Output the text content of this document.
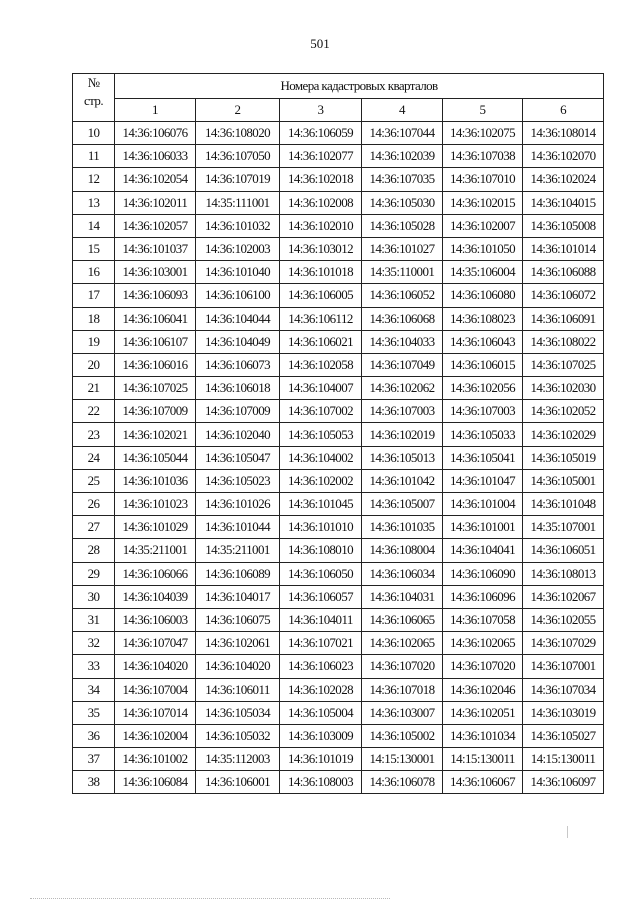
501
№
стр.	Номера кадастровых кварталов					
	1	2	3	4	5	6
10	14:36:106076	14:36:108020	14:36:106059	14:36:107044	14:36:102075	14:36:108014
11	14:36:106033	14:36:107050	14:36:102077	14:36:102039	14:36:107038	14:36:102070
12	14:36:102054	14:36:107019	14:36:102018	14:36:107035	14:36:107010	14:36:102024
13	14:36:102011	14:35:111001	14:36:102008	14:36:105030	14:36:102015	14:36:104015
14	14:36:102057	14:36:101032	14:36:102010	14:36:105028	14:36:102007	14:36:105008
15	14:36:101037	14:36:102003	14:36:103012	14:36:101027	14:36:101050	14:36:101014
16	14:36:103001	14:36:101040	14:36:101018	14:35:110001	14:35:106004	14:36:106088
17	14:36:106093	14:36:106100	14:36:106005	14:36:106052	14:36:106080	14:36:106072
18	14:36:106041	14:36:104044	14:36:106112	14:36:106068	14:36:108023	14:36:106091
19	14:36:106107	14:36:104049	14:36:106021	14:36:104033	14:36:106043	14:36:108022
20	14:36:106016	14:36:106073	14:36:102058	14:36:107049	14:36:106015	14:36:107025
21	14:36:107025	14:36:106018	14:36:104007	14:36:102062	14:36:102056	14:36:102030
22	14:36:107009	14:36:107009	14:36:107002	14:36:107003	14:36:107003	14:36:102052
23	14:36:102021	14:36:102040	14:36:105053	14:36:102019	14:36:105033	14:36:102029
24	14:36:105044	14:36:105047	14:36:104002	14:36:105013	14:36:105041	14:36:105019
25	14:36:101036	14:36:105023	14:36:102002	14:36:101042	14:36:101047	14:36:105001
26	14:36:101023	14:36:101026	14:36:101045	14:36:105007	14:36:101004	14:36:101048
27	14:36:101029	14:36:101044	14:36:101010	14:36:101035	14:36:101001	14:35:107001
28	14:35:211001	14:35:211001	14:36:108010	14:36:108004	14:36:104041	14:36:106051
29	14:36:106066	14:36:106089	14:36:106050	14:36:106034	14:36:106090	14:36:108013
30	14:36:104039	14:36:104017	14:36:106057	14:36:104031	14:36:106096	14:36:102067
31	14:36:106003	14:36:106075	14:36:104011	14:36:106065	14:36:107058	14:36:102055
32	14:36:107047	14:36:102061	14:36:107021	14:36:102065	14:36:102065	14:36:107029
33	14:36:104020	14:36:104020	14:36:106023	14:36:107020	14:36:107020	14:36:107001
34	14:36:107004	14:36:106011	14:36:102028	14:36:107018	14:36:102046	14:36:107034
35	14:36:107014	14:36:105034	14:36:105004	14:36:103007	14:36:102051	14:36:103019
36	14:36:102004	14:36:105032	14:36:103009	14:36:105002	14:36:101034	14:36:105027
37	14:36:101002	14:35:112003	14:36:101019	14:15:130001	14:15:130011	14:15:130011
38	14:36:106084	14:36:106001	14:36:108003	14:36:106078	14:36:106067	14:36:106097
